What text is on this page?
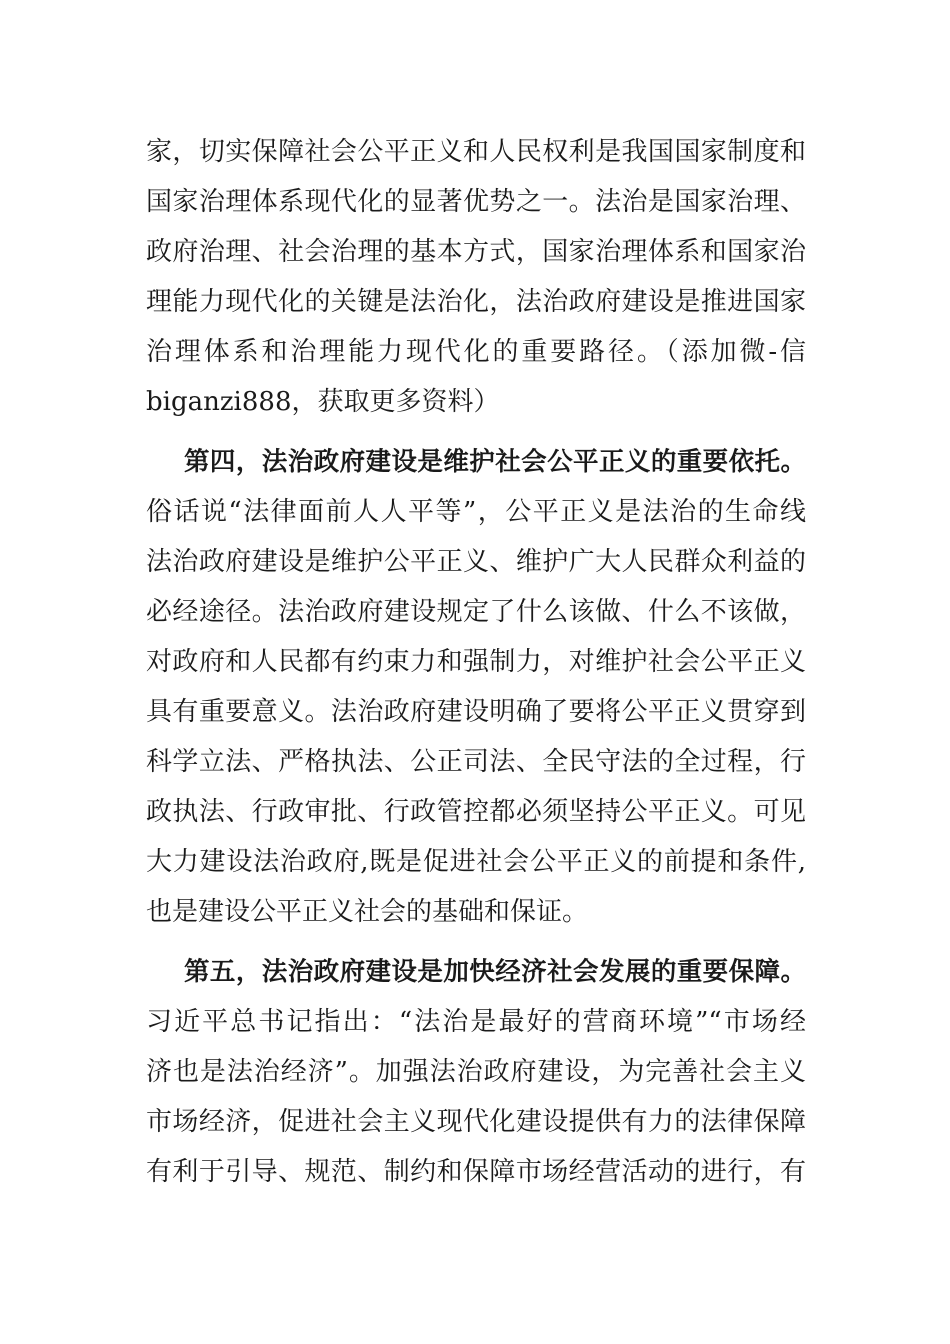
家，切实保障社会公平正义和人民权利是我国国家制度和
国家治理体系现代化的显著优势之一。法治是国家治理、
政府治理、社会治理的基本方式，国家治理体系和国家治
理能力现代化的关键是法治化，法治政府建设是推进国家
治理体系和治理能力现代化的重要路径。（添加微-信
biganzi888，获取更多资料）
第四，法治政府建设是维护社会公平正义的重要依托。
俗话说“法律面前人人平等”，公平正义是法治的生命线
法治政府建设是维护公平正义、维护广大人民群众利益的
必经途径。法治政府建设规定了什么该做、什么不该做，
对政府和人民都有约束力和强制力，对维护社会公平正义
具有重要意义。法治政府建设明确了要将公平正义贯穿到
科学立法、严格执法、公正司法、全民守法的全过程，行
政执法、行政审批、行政管控都必须坚持公平正义。可见
大力建设法治政府,既是促进社会公平正义的前提和条件,
也是建设公平正义社会的基础和保证。
第五，法治政府建设是加快经济社会发展的重要保障。
习近平总书记指出：“法治是最好的营商环境”“市场经
济也是法治经济”。加强法治政府建设，为完善社会主义
市场经济，促进社会主义现代化建设提供有力的法律保障
有利于引导、规范、制约和保障市场经营活动的进行，有
